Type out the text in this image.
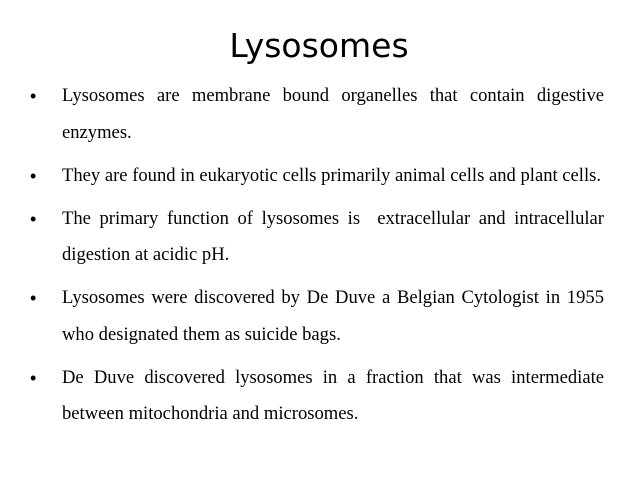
Lysosomes
• Lysosomes are membrane bound organelles that contain digestive enzymes.
• They are found in eukaryotic cells primarily animal cells and plant cells.
• The primary function of lysosomes is  extracellular and intracellular digestion at acidic pH.
• Lysosomes were discovered by De Duve a Belgian Cytologist in 1955 who designated them as suicide bags.
• De Duve discovered lysosomes in a fraction that was intermediate between mitochondria and microsomes.
